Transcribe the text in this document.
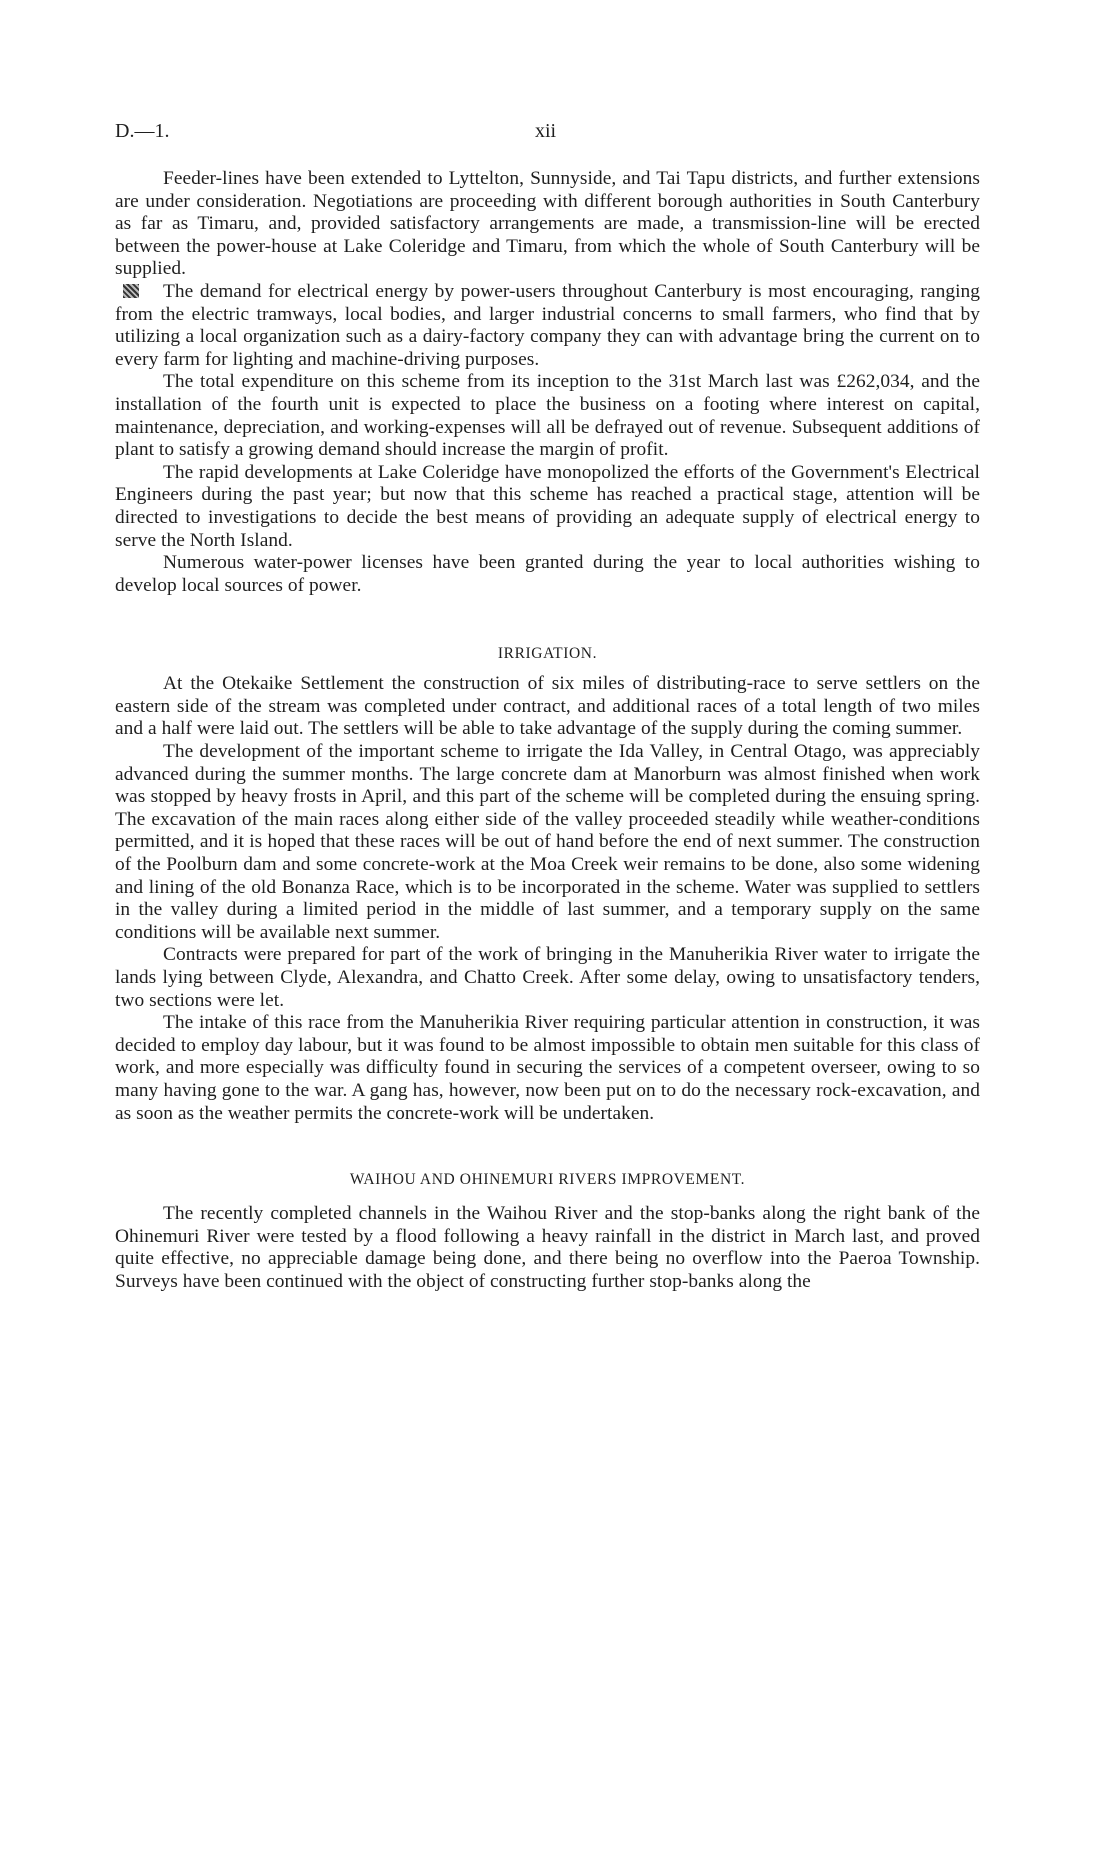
D.—1.	xii

Feeder-lines have been extended to Lyttelton, Sunnyside, and Tai Tapu districts, and further extensions are under consideration. Negotiations are proceeding with different borough authorities in South Canterbury as far as Timaru, and, provided satisfactory arrangements are made, a transmission-line will be erected between the power-house at Lake Coleridge and Timaru, from which the whole of South Canterbury will be supplied.

The demand for electrical energy by power-users throughout Canterbury is most encouraging, ranging from the electric tramways, local bodies, and larger industrial concerns to small farmers, who find that by utilizing a local organization such as a dairy-factory company they can with advantage bring the current on to every farm for lighting and machine-driving purposes.

The total expenditure on this scheme from its inception to the 31st March last was £262,034, and the installation of the fourth unit is expected to place the business on a footing where interest on capital, maintenance, depreciation, and working-expenses will all be defrayed out of revenue. Subsequent additions of plant to satisfy a growing demand should increase the margin of profit.

The rapid developments at Lake Coleridge have monopolized the efforts of the Government's Electrical Engineers during the past year; but now that this scheme has reached a practical stage, attention will be directed to investigations to decide the best means of providing an adequate supply of electrical energy to serve the North Island.

Numerous water-power licenses have been granted during the year to local authorities wishing to develop local sources of power.

IRRIGATION.

At the Otekaike Settlement the construction of six miles of distributing-race to serve settlers on the eastern side of the stream was completed under contract, and additional races of a total length of two miles and a half were laid out. The settlers will be able to take advantage of the supply during the coming summer.

The development of the important scheme to irrigate the Ida Valley, in Central Otago, was appreciably advanced during the summer months. The large concrete dam at Manorburn was almost finished when work was stopped by heavy frosts in April, and this part of the scheme will be completed during the ensuing spring. The excavation of the main races along either side of the valley proceeded steadily while weather-conditions permitted, and it is hoped that these races will be out of hand before the end of next summer. The construction of the Poolburn dam and some concrete-work at the Moa Creek weir remains to be done, also some widening and lining of the old Bonanza Race, which is to be incorporated in the scheme. Water was supplied to settlers in the valley during a limited period in the middle of last summer, and a temporary supply on the same conditions will be available next summer.

Contracts were prepared for part of the work of bringing in the Manuherikia River water to irrigate the lands lying between Clyde, Alexandra, and Chatto Creek. After some delay, owing to unsatisfactory tenders, two sections were let.

The intake of this race from the Manuherikia River requiring particular attention in construction, it was decided to employ day labour, but it was found to be almost impossible to obtain men suitable for this class of work, and more especially was difficulty found in securing the services of a competent overseer, owing to so many having gone to the war. A gang has, however, now been put on to do the necessary rock-excavation, and as soon as the weather permits the concrete-work will be undertaken.

WAIHOU AND OHINEMURI RIVERS IMPROVEMENT.

The recently completed channels in the Waihou River and the stop-banks along the right bank of the Ohinemuri River were tested by a flood following a heavy rainfall in the district in March last, and proved quite effective, no appreciable damage being done, and there being no overflow into the Paeroa Township. Surveys have been continued with the object of constructing further stop-banks along the
